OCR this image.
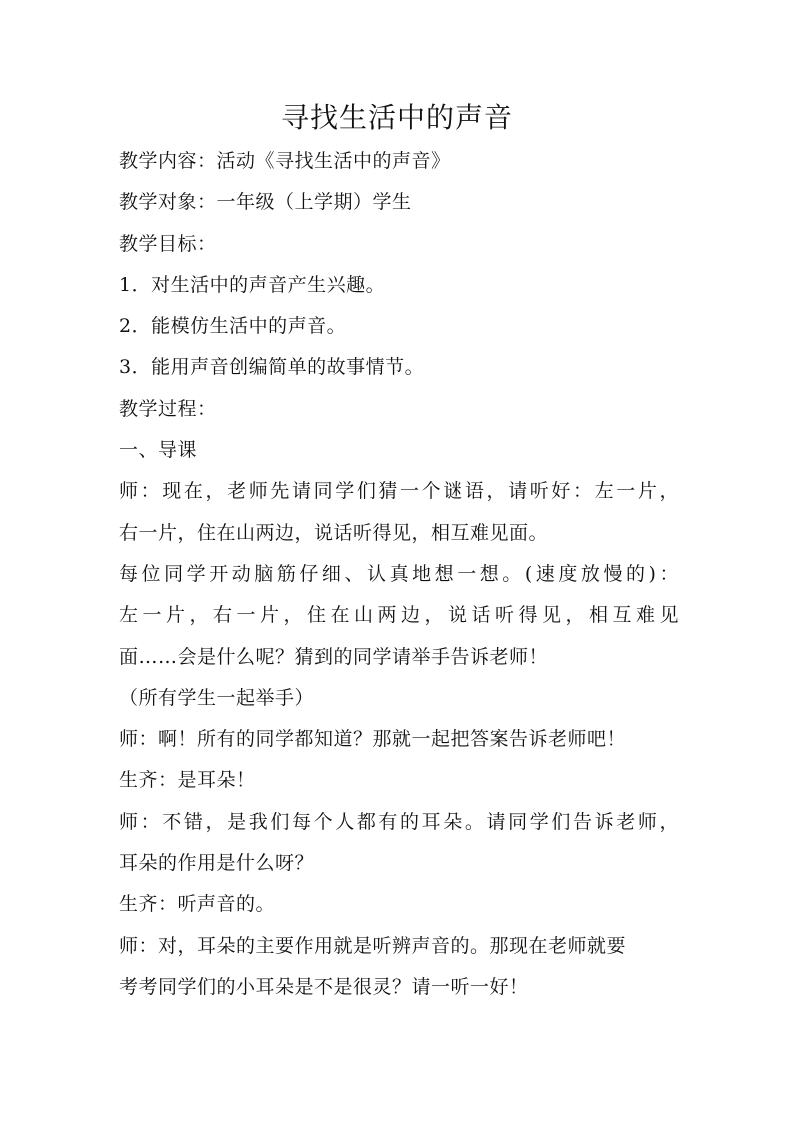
寻找生活中的声音
教学内容：活动《寻找生活中的声音》
教学对象：一年级（上学期）学生
教学目标：
1．对生活中的声音产生兴趣。
2．能模仿生活中的声音。
3．能用声音创编简单的故事情节。
教学过程：
一、导课
师：现在，老师先请同学们猜一个谜语，请听好：左一片，
右一片，住在山两边，说话听得见，相互难见面。
每位同学开动脑筋仔细、认真地想一想。(速度放慢的)：
左一片，右一片，住在山两边，说话听得见，相互难见
面……会是什么呢？猜到的同学请举手告诉老师！
（所有学生一起举手）
师：啊！所有的同学都知道？那就一起把答案告诉老师吧！
生齐：是耳朵！
师：不错，是我们每个人都有的耳朵。请同学们告诉老师，
耳朵的作用是什么呀？
生齐：听声音的。
师：对，耳朵的主要作用就是听辨声音的。那现在老师就要
考考同学们的小耳朵是不是很灵？请一听一好！
